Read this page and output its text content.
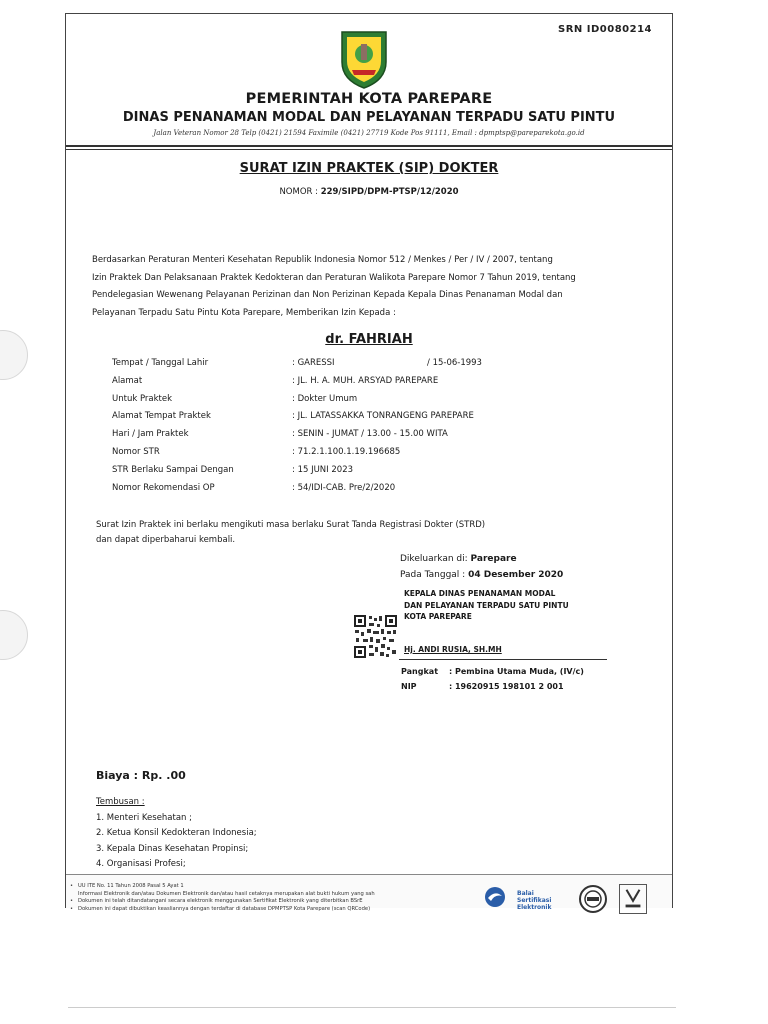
SRN ID0080214
PEMERINTAH KOTA PAREPARE
DINAS PENANAMAN MODAL DAN PELAYANAN TERPADU SATU PINTU
Jalan Veteran Nomor 28 Telp (0421) 21594 Faximile (0421) 27719 Kode Pos 91111, Email : dpmptsp@pareparekota.go.id
SURAT IZIN PRAKTEK (SIP) DOKTER
NOMOR : 229/SIPD/DPM-PTSP/12/2020
Berdasarkan Peraturan Menteri Kesehatan Republik Indonesia Nomor 512 / Menkes / Per / IV / 2007, tentang
Izin Praktek Dan Pelaksanaan Praktek Kedokteran dan Peraturan Walikota Parepare Nomor 7 Tahun 2019, tentang
Pendelegasian Wewenang Pelayanan Perizinan dan Non Perizinan Kepada Kepala Dinas Penanaman Modal dan
Pelayanan Terpadu Satu Pintu Kota Parepare, Memberikan Izin Kepada :
dr. FAHRIAH
Tempat / Tanggal Lahir	: GARESSI	/ 15-06-1993
Alamat	: JL. H. A. MUH. ARSYAD PAREPARE
Untuk Praktek	: Dokter Umum
Alamat Tempat Praktek	: JL. LATASSAKKA TONRANGENG PAREPARE
Hari / Jam Praktek	: SENIN - JUMAT / 13.00 - 15.00 WITA
Nomor STR	: 71.2.1.100.1.19.196685
STR Berlaku Sampai Dengan	: 15 JUNI 2023
Nomor Rekomendasi OP	: 54/IDI-CAB. Pre/2/2020
Surat Izin Praktek ini berlaku mengikuti masa berlaku Surat Tanda Registrasi Dokter (STRD)
dan dapat diperbaharui kembali.
Dikeluarkan di: Parepare
Pada Tanggal : 04 Desember 2020
KEPALA DINAS PENANAMAN MODAL
DAN PELAYANAN TERPADU SATU PINTU
KOTA PAREPARE
Hj. ANDI RUSIA, SH.MH
Pangkat : Pembina Utama Muda, (IV/c)
NIP	: 19620915 198101 2 001
Biaya : Rp. .00
Tembusan :
1. Menteri Kesehatan ;
2. Ketua Konsil Kedokteran Indonesia;
3. Kepala Dinas Kesehatan Propinsi;
4. Organisasi Profesi;
• UU ITE No. 11 Tahun 2008 Pasal 5 Ayat 1
Informasi Elektronik dan/atau Dokumen Elektronik dan/atau hasil cetaknya merupakan alat bukti hukum yang sah
• Dokumen ini telah ditandatangani secara elektronik menggunakan Sertifikat Elektronik yang diterbitkan BSrE
• Dokumen ini dapat dibuktikan keasliannya dengan terdaftar di database DPMPTSP Kota Parepare (scan QRCode)
Balai
Sertifikasi
Elektronik
